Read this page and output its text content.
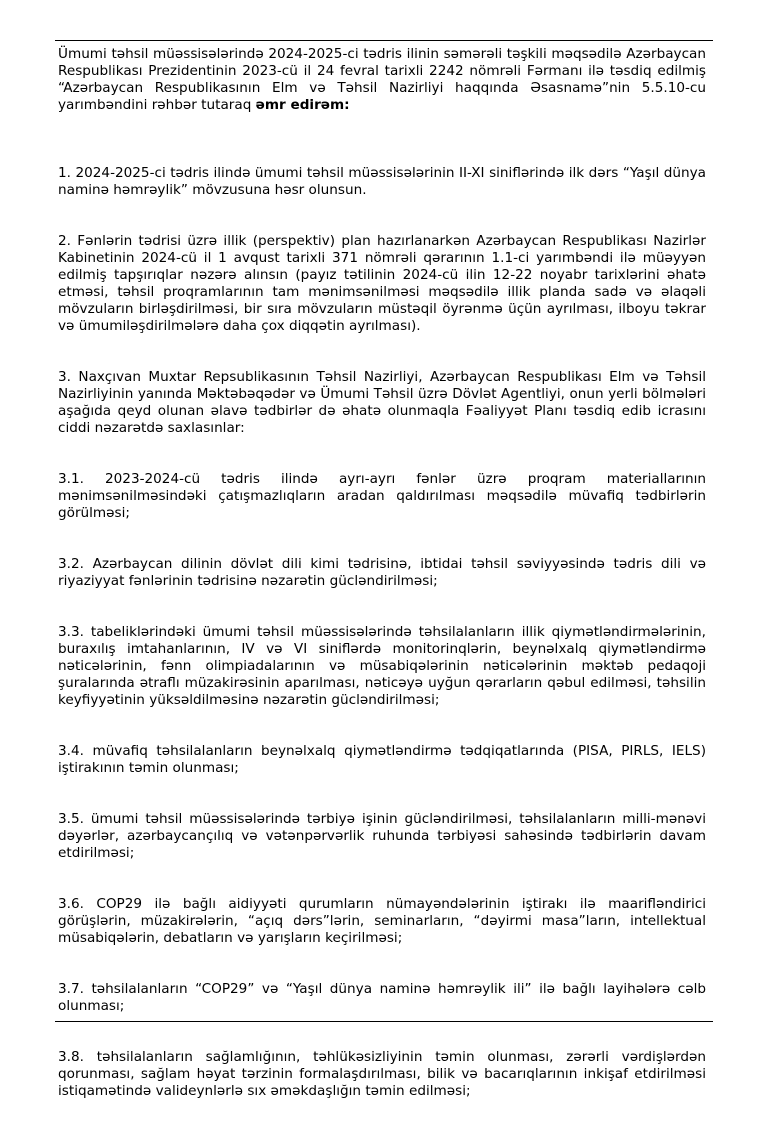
Ümumi təhsil müəssisələrində 2024-2025-ci tədris ilinin səmərəli təşkili məqsədilə Azərbaycan Respublikası Prezidentinin 2023-cü il 24 fevral tarixli 2242 nömrəli Fərmanı ilə təsdiq edilmiş “Azərbaycan Respublikasının Elm və Təhsil Nazirliyi haqqında Əsasnamə”nin 5.5.10-cu yarımbəndini rəhbər tutaraq əmr edirəm:

1. 2024-2025-ci tədris ilində ümumi təhsil müəssisələrinin II-XI siniflərində ilk dərs “Yaşıl dünya naminə həmrəylik” mövzusuna həsr olunsun.

2. Fənlərin tədrisi üzrə illik (perspektiv) plan hazırlanarkən Azərbaycan Respublikası Nazirlər Kabinetinin 2024-cü il 1 avqust tarixli 371 nömrəli qərarının 1.1-ci yarımbəndi ilə müəyyən edilmiş tapşırıqlar nəzərə alınsın (payız tətilinin 2024-cü ilin 12-22 noyabr tarixlərini əhatə etməsi, təhsil proqramlarının tam mənimsənilməsi məqsədilə illik planda sadə və əlaqəli mövzuların birləşdirilməsi, bir sıra mövzuların müstəqil öyrənmə üçün ayrılması, ilboyu təkrar və ümumiləşdirilmələrə daha çox diqqətin ayrılması).

3. Naxçıvan Muxtar Repsublikasının Təhsil Nazirliyi, Azərbaycan Respublikası Elm və Təhsil Nazirliyinin yanında Məktəbəqədər və Ümumi Təhsil üzrə Dövlət Agentliyi, onun yerli bölmələri aşağıda qeyd olunan əlavə tədbirlər də əhatə olunmaqla Fəaliyyət Planı təsdiq edib icrasını ciddi nəzarətdə saxlasınlar:

3.1. 2023-2024-cü tədris ilində ayrı-ayrı fənlər üzrə proqram materiallarının mənimsənilməsindəki çatışmazlıqların aradan qaldırılması məqsədilə müvafiq tədbirlərin görülməsi;

3.2. Azərbaycan dilinin dövlət dili kimi tədrisinə, ibtidai təhsil səviyyəsində tədris dili və riyaziyyat fənlərinin tədrisinə nəzarətin gücləndirilməsi;

3.3. tabeliklərindəki ümumi təhsil müəssisələrində təhsilalanların illik qiymətləndirmələrinin, buraxılış imtahanlarının, IV və VI siniflərdə monitorinqlərin, beynəlxalq qiymətləndirmə nəticələrinin, fənn olimpiadalarının və müsabiqələrinin nəticələrinin məktəb pedaqoji şuralarında ətraflı müzakirəsinin aparılması, nəticəyə uyğun qərarların qəbul edilməsi, təhsilin keyfiyyətinin yüksəldilməsinə nəzarətin gücləndirilməsi;

3.4. müvafiq təhsilalanların beynəlxalq qiymətləndirmə tədqiqatlarında (PISA, PIRLS, IELS) iştirakının təmin olunması;

3.5. ümumi təhsil müəssisələrində tərbiyə işinin gücləndirilməsi, təhsilalanların milli-mənəvi dəyərlər, azərbaycançılıq və vətənpərvərlik ruhunda tərbiyəsi sahəsində tədbirlərin davam etdirilməsi;

3.6. COP29 ilə bağlı aidiyyəti qurumların nümayəndələrinin iştirakı ilə maarifləndirici görüşlərin, müzakirələrin, “açıq dərs”lərin, seminarların, “dəyirmi masa”ların, intellektual müsabiqələrin, debatların və yarışların keçirilməsi;

3.7. təhsilalanların “COP29” və “Yaşıl dünya naminə həmrəylik ili” ilə bağlı layihələrə cəlb olunması;

3.8. təhsilalanların sağlamlığının, təhlükəsizliyinin təmin olunması, zərərli vərdişlərdən qorunması, sağlam həyat tərzinin formalaşdırılması, bilik və bacarıqlarının inkişaf etdirilməsi istiqamətində valideynlərlə sıx əməkdaşlığın təmin edilməsi;
